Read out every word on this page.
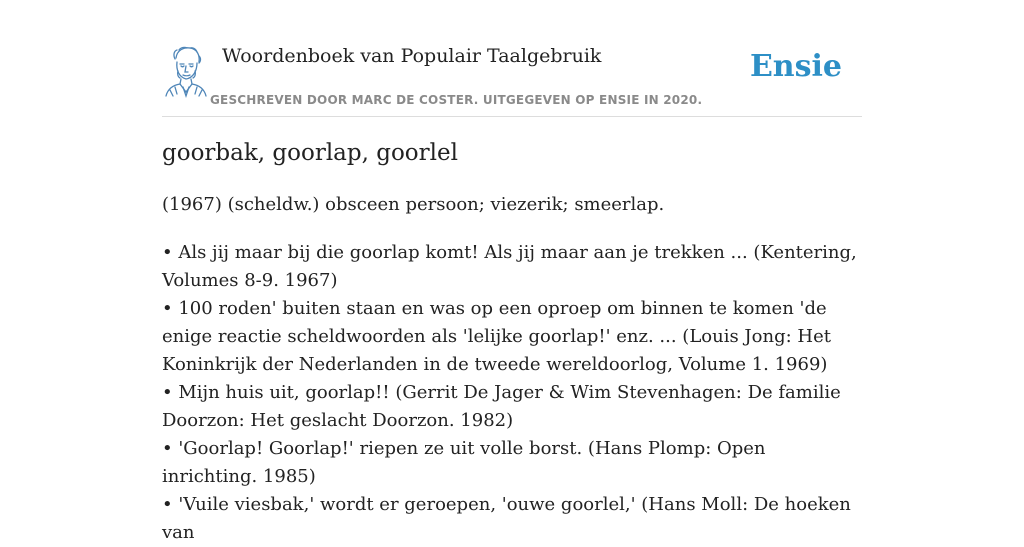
Woordenboek van Populair Taalgebruik
GESCHREVEN DOOR MARC DE COSTER. UITGEGEVEN OP ENSIE IN 2020.
Ensie
goorbak, goorlap, goorlel
(1967) (scheldw.) obsceen persoon; viezerik; smeerlap.
• Als jij maar bij die goorlap komt! Als jij maar aan je trekken ... (Kentering, Volumes 8-9. 1967)
• 100 roden' buiten staan en was op een oproep om binnen te komen 'de enige reactie scheldwoorden als 'lelijke goorlap!' enz. ... (Louis Jong: Het Koninkrijk der Nederlanden in de tweede wereldoorlog, Volume 1. 1969)
• Mijn huis uit, goorlap!! (Gerrit De Jager & Wim Stevenhagen: De familie Doorzon: Het geslacht Doorzon. 1982)
• 'Goorlap! Goorlap!' riepen ze uit volle borst. (Hans Plomp: Open inrichting. 1985)
• 'Vuile viesbak,' wordt er geroepen, 'ouwe goorlel,' (Hans Moll: De hoeken van
